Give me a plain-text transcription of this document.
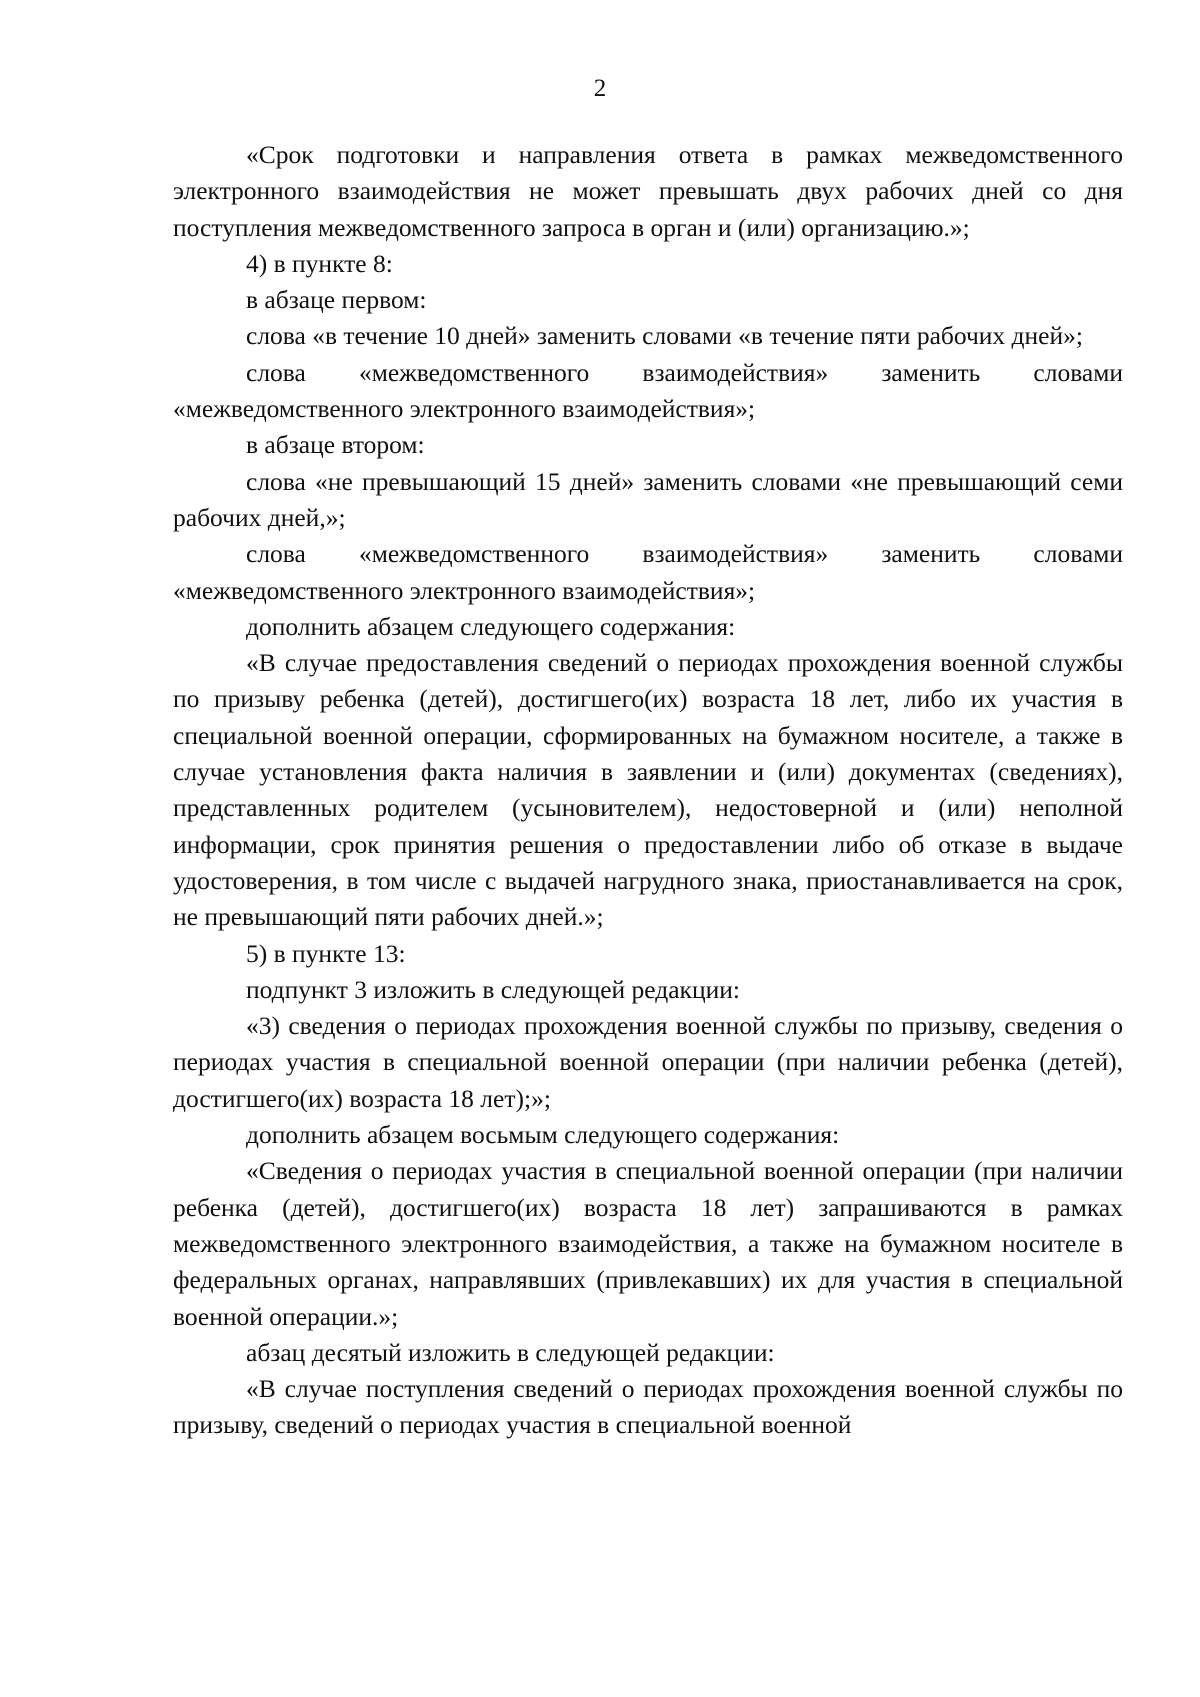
2

«Срок подготовки и направления ответа в рамках межведомственного электронного взаимодействия не может превышать двух рабочих дней со дня поступления межведомственного запроса в орган и (или) организацию.»;

4) в пункте 8:

в абзаце первом:

слова «в течение 10 дней» заменить словами «в течение пяти рабочих дней»;

слова «межведомственного взаимодействия» заменить словами «межведомственного электронного взаимодействия»;

в абзаце втором:

слова «не превышающий 15 дней» заменить словами «не превышающий семи рабочих дней,»;

слова «межведомственного взаимодействия» заменить словами «межведомственного электронного взаимодействия»;

дополнить абзацем следующего содержания:

«В случае предоставления сведений о периодах прохождения военной службы по призыву ребенка (детей), достигшего(их) возраста 18 лет, либо их участия в специальной военной операции, сформированных на бумажном носителе, а также в случае установления факта наличия в заявлении и (или) документах (сведениях), представленных родителем (усыновителем), недостоверной и (или) неполной информации, срок принятия решения о предоставлении либо об отказе в выдаче удостоверения, в том числе с выдачей нагрудного знака, приостанавливается на срок, не превышающий пяти рабочих дней.»;

5) в пункте 13:

подпункт 3 изложить в следующей редакции:

«3) сведения о периодах прохождения военной службы по призыву, сведения о периодах участия в специальной военной операции (при наличии ребенка (детей), достигшего(их) возраста 18 лет);»;

дополнить абзацем восьмым следующего содержания:

«Сведения о периодах участия в специальной военной операции (при наличии ребенка (детей), достигшего(их) возраста 18 лет) запрашиваются в рамках межведомственного электронного взаимодействия, а также на бумажном носителе в федеральных органах, направлявших (привлекавших) их для участия в специальной военной операции.»;

абзац десятый изложить в следующей редакции:

«В случае поступления сведений о периодах прохождения военной службы по призыву, сведений о периодах участия в специальной военной
